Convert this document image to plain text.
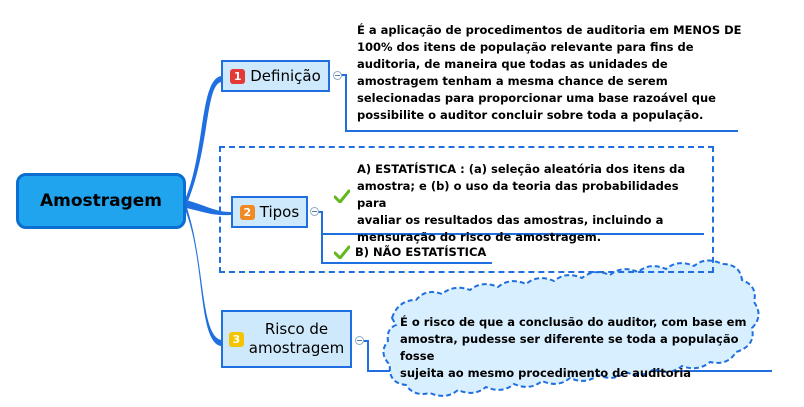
Amostragem
1 Definição
É a aplicação de procedimentos de auditoria em MENOS DE
100% dos itens de população relevante para fins de
auditoria, de maneira que todas as unidades de
amostragem tenham a mesma chance de serem
selecionadas para proporcionar uma base razoável que
possibilite o auditor concluir sobre toda a população.
2 Tipos
A) ESTATÍSTICA : (a) seleção aleatória dos itens da
amostra; e (b) o uso da teoria das probabilidades para
avaliar os resultados das amostras, incluindo a
mensuração do risco de amostragem.
B) NÃO ESTATÍSTICA
3
Risco de
amostragem
É o risco de que a conclusão do auditor, com base em
amostra, pudesse ser diferente se toda a população fosse
sujeita ao mesmo procedimento de auditoria
